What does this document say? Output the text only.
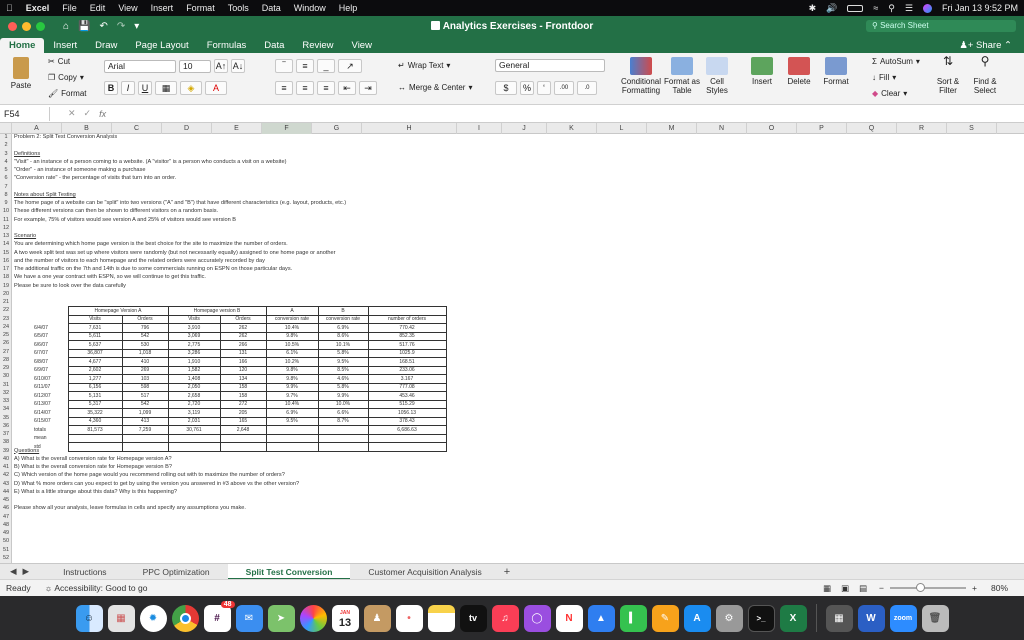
Excel File Edit View Insert Format Tools Data Window Help	✱ 🔊	≈ ⚲ ☰	Fri Jan 13 9:52 PM
⌂ 💾 ↶ ↷ ▾	Analytics Exercises - Frontdoor	⚲ Search Sheet
Home	Insert	Draw	Page Layout	Formulas	Data	Review	View	♟+ Share ⌃
Paste
✂ Cut
❐ Copy ▾
🖌 Format
Arial	10	A↑ A↓
B	I	U	▦	◈	A
‾	≡	_	↗
≡	≡	≡	⇤	⇥
↵ Wrap Text ▾
↔ Merge & Center ▾
General
$	%	‘	.00	.0
Conditional Formatting
Format as Table
Cell Styles
Insert	Delete	Format
Σ AutoSum ▾
↓ Fill ▾
◆ Clear ▾
⇅
Sort & Filter
⚲
Find & Select
F54	✕ ✓ fx
A	B	C	D	E	F	G	H	I	J	K	L	M	N	O	P	Q	R	S
1
2
3
4
5
6
7
8
9
10
11
12
13
14
15
16
17
18
19
20
21
22
23
24
25
26
27
28
29
30
31
32
33
34
35
36
37
38
39
40
41
42
43
44
45
46
47
48
49
50
51
52
	Homepage Version A		Homepage version B		A	B	
	Visits	Orders	Visits	Orders	conversion rate	conversion rate	number of orders
6/4/07	7,631	796	3,910	262	10.4%	6.9%	770.42
6/5/07	5,611	542	3,069	262	9.8%	8.6%	852.35
6/6/07	5,637	530	2,775	266	10.5%	10.1%	517.76
6/7/07	36,807	1,018	3,286	131	6.1%	5.8%	1025.9
6/8/07	4,677	410	1,910	166	10.2%	9.5%	168.51
6/9/07	2,602	269	1,582	120	9.8%	8.5%	233.06
6/10/07	1,277	103	1,408	134	9.8%	4.6%	3.167
6/11/07	6,156	598	2,050	158	9.9%	5.8%	777.08
6/12/07	5,131	517	2,658	158	9.7%	9.9%	453.46
6/13/07	5,317	542	2,720	272	10.4%	10.0%	515.29
6/14/07	35,322	1,099	3,119	205	6.9%	6.6%	1056.13
6/15/07	4,360	413	2,031	165	9.5%	8.7%	378.43
totals	81,573	7,259	30,761	2,648			6,686.63
mean							
std							
Problem 2: Split Test Conversion Analysis
Definitions
"Visit" - an instance of a person coming to a website. (A "visitor" is a person who conducts a visit on a website)
"Order" - an instance of someone making a purchase
"Conversion rate" - the percentage of visits that turn into an order.
Notes about Split Testing
The home page of a website can be "split" into two versions ("A" and "B") that have different characteristics (e.g. layout, products, etc.)
These different versions can then be shown to different visitors on a random basis.
For example, 75% of visitors would see version A and 25% of visitors would see version B
Scenario
You are determining which home page version is the best choice for the site to maximize the number of orders.
A two week split test was set up where visitors were randomly (but not necessarily equally) assigned to one home page or another
and the number of visitors to each homepage and the related orders were accurately recorded by day
The additional traffic on the 7th and 14th is due to some commercials running on ESPN on those particular days.
We have a one year contract with ESPN, so we will continue to get this traffic.
Please be sure to look over the data carefully
Questions
A) What is the overall conversion rate for Homepage version A?
B) What is the overall conversion rate for Homepage version B?
C) Which version of the home page would you recommend rolling out with to maximize the number of orders?
D) What % more orders can you expect to get by using the version you answered in #3 above vs the other version?
E) What is a little strange about this data? Why is this happening?
Please show all your analysis, leave formulas in cells and specify any assumptions you make.
◀ ▶	Instructions	PPC Optimization	Split Test Conversion	Customer Acquisition Analysis	+
Ready ☼ Accessibility: Good to go	▦ ▣ ▤ −	+ 80%
☺	▦	✹	#
48
✉	➤	JAN
13	♟	•	tv	♫	◯	N	▲	▍	✎	A	⚙	>_	X	▦	W	zoom	🗑
